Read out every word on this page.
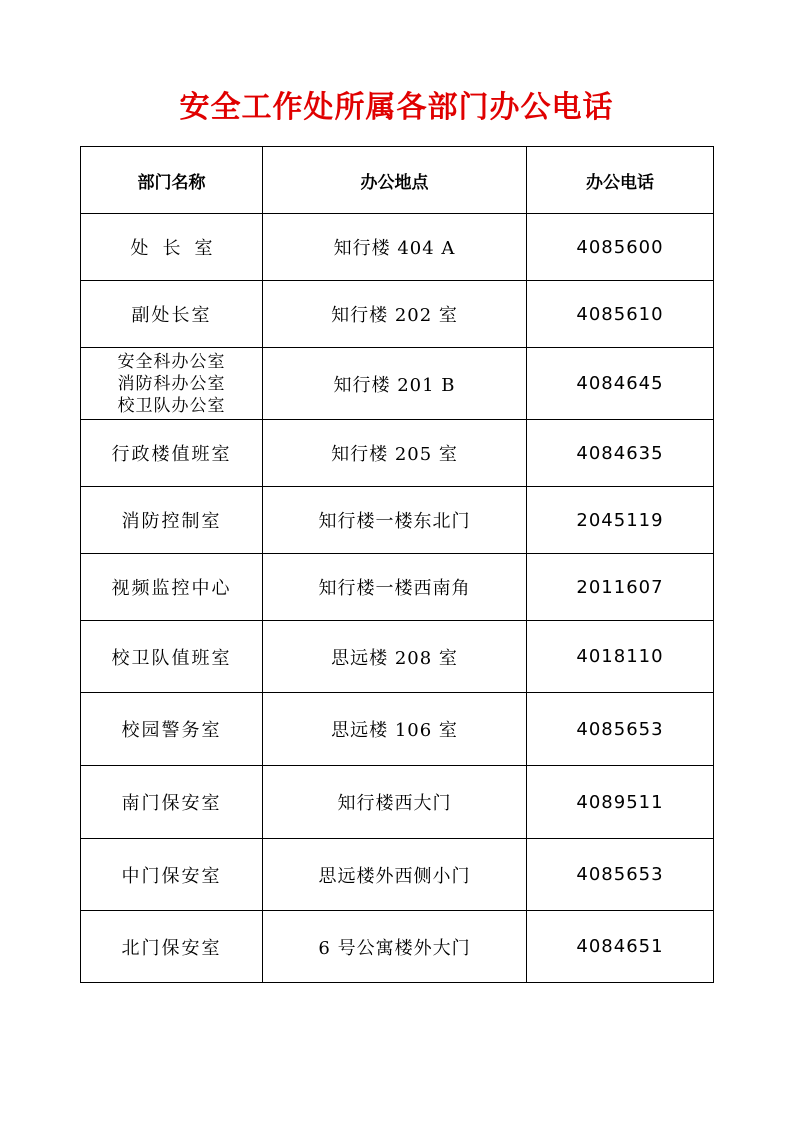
安全工作处所属各部门办公电话
部门名称	办公地点	办公电话
处长室	知行楼 404 A	4085600
副处长室	知行楼 202 室	4085610

安全科办公室
消防科办公室
校卫队办公室	知行楼 201 B	4084645
行政楼值班室	知行楼 205 室	4084635
消防控制室	知行楼一楼东北门	2045119
视频监控中心	知行楼一楼西南角	2011607
校卫队值班室	思远楼 208 室	4018110
校园警务室	思远楼 106 室	4085653
南门保安室	知行楼西大门	4089511
中门保安室	思远楼外西侧小门	4085653
北门保安室	6 号公寓楼外大门	4084651
